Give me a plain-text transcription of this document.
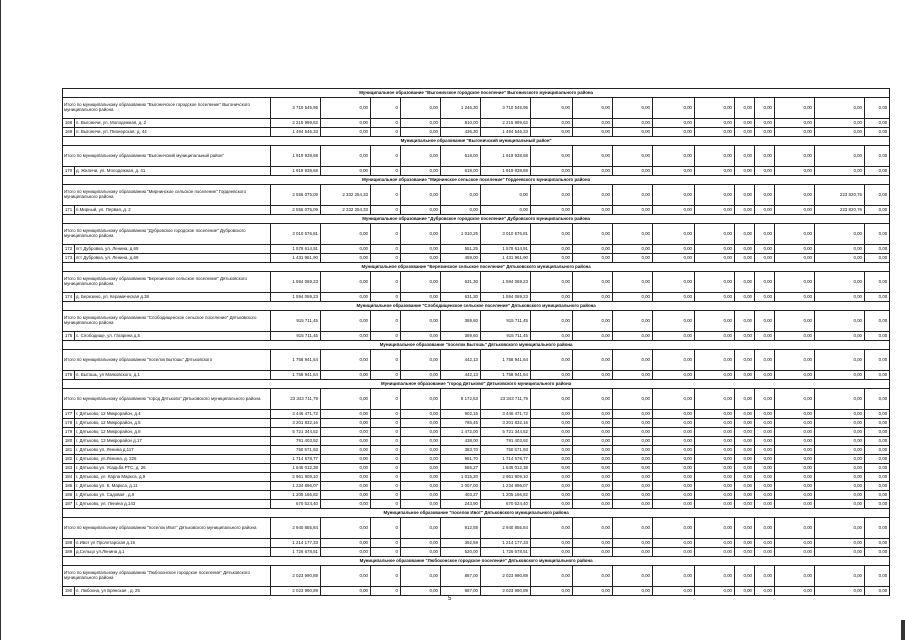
Муниципальное образование "Выгоничское городское поселение" Выгоничского муниципального района																	
Итого по муниципальному образованию "Выгоничское городское поселение" Выгоничского муниципального района		3 710 545,95	0,00	0	0,00	1 246,30	3 710 545,95	0,00	0,00	0,00	0,00	0,00	0,00	0,00	0,00	0,00	0,00
168	п. Выгоничи, ул. Молодежная, д. 2	2 215 999,62	0,00	0	0,00	810,00	2 215 999,62	0,00	0,00	0,00	0,00	0,00	0,00	0,00	0,00	0,00	0,00
169	п. Выгоничи, ул. Пионерская, д. 44	1 494 546,33	0,00	0	0,00	436,30	1 494 546,33	0,00	0,00	0,00	0,00	0,00	0,00	0,00	0,00	0,00	0,00
Муниципальное образование "Выгоничский муниципальный район"																	
Итого по муниципальному образованию "Выгоничский муниципальный район"		1 919 938,68	0,00	0	0,00	618,00	1 919 938,68	0,00	0,00	0,00	0,00	0,00	0,00	0,00	0,00	0,00	0,00
170	д. Жиличи, ул. Молодежная, д. 41	1 919 938,68	0,00	0	0,00	618,00	1 919 938,68	0,00	0,00	0,00	0,00	0,00	0,00	0,00	0,00	0,00	0,00
Муниципальное образование "Мирнинское сельское поселение" Гордеевского муниципального района																	
Итого по муниципальному образованию "Мирнинское сельское поселение" Гордеевского муниципального района		2 556 075,09	2 332 254,33	0	0,00	0,00	0,00	0,00	0,00	0,00	0,00	0,00	0,00	0,00	0,00	223 820,76	0,00
171	п.Мирный, ул. Первая, д. 2	2 556 075,09	2 332 254,33	0	0,00	0,00	0,00	0,00	0,00	0,00	0,00	0,00	0,00	0,00	0,00	223 820,76	0,00
Муниципальное образование "Дубровское городское поселение" Дубровского муниципального района																	
Итого по муниципальному образованию "Дубровское городское поселение" Дубровского муниципального района		3 010 576,81	0,00	0	0,00	1 010,25	3 010 576,81	0,00	0,00	0,00	0,00	0,00	0,00	0,00	0,00	0,00	0,00
172	пгт Дубровка, ул. Ленина, д.65	1 578 614,91	0,00	0	0,00	551,25	1 578 614,91	0,00	0,00	0,00	0,00	0,00	0,00	0,00	0,00	0,00	0,00
173	пгт Дубровка, ул. Ленина, д.69	1 431 961,90	0,00	0	0,00	459,00	1 431 961,90	0,00	0,00	0,00	0,00	0,00	0,00	0,00	0,00	0,00	0,00
Муниципальное образование "Березинское сельское поселение" Дятьковского муниципального района																	
Итого по муниципальному образованию "Березинское сельское поселение" Дятьковского муниципального района		1 594 069,23	0,00	0	0,00	631,30	1 594 069,23	0,00	0,00	0,00	0,00	0,00	0,00	0,00	0,00	0,00	0,00
174	д. Березино, ул. Керамическая д.38	1 594 069,23	0,00	0	0,00	631,30	1 594 069,23	0,00	0,00	0,00	0,00	0,00	0,00	0,00	0,00	0,00	0,00
Муниципальное образование "Слободищенское сельское поселение" Дятьковского муниципального района																	
Итого по муниципальному образованию "Слободищенское сельское поселение" Дятьковского муниципального района		915 711,45	0,00	0	0,00	369,60	915 711,45	0,00	0,00	0,00	0,00	0,00	0,00	0,00	0,00	0,00	0,00
175	с. Слободище, ул. Гагарина д.5	915 711,45	0,00	0	0,00	369,60	915 711,45	0,00	0,00	0,00	0,00	0,00	0,00	0,00	0,00	0,00	0,00
Муниципальное образование "поселок Бытошь" Дятьковского муниципального района																	
Итого по муниципальному образованию "поселок Бытошь" Дятьковского		1 758 941,64	0,00	0	0,00	442,13	1 758 941,64	0,00	0,00	0,00	0,00	0,00	0,00	0,00	0,00	0,00	0,00
176	п. Бытошь, ул Маяковского, д.1	1 758 941,64	0,00	0	0,00	442,13	1 758 941,64	0,00	0,00	0,00	0,00	0,00	0,00	0,00	0,00	0,00	0,00
Муниципальное образование "город Дятьково" Дятьковского муниципального района																	
Итого по муниципальному образованию "город Дятьково" Дятьковского муниципального района		23 343 711,79	0,00	0	0,00	8 172,63	23 343 711,79	0,00	0,00	0,00	0,00	0,00	0,00	0,00	0,00	0,00	0,00
177	г. Дятьково, 12 Микрорайон, д.4	3 446 471,72	0,00	0	0,00	902,16	3 446 471,72	0,00	0,00	0,00	0,00	0,00	0,00	0,00	0,00	0,00	0,00
178	г. Дятьково, 12 Микрорайон, д.5	3 201 832,16	0,00	0	0,00	785,45	3 201 832,16	0,00	0,00	0,00	0,00	0,00	0,00	0,00	0,00	0,00	0,00
179	г. Дятьково, 12 Микрорайон, д.8	5 721 344,52	0,00	0	0,00	1 472,00	5 721 344,52	0,00	0,00	0,00	0,00	0,00	0,00	0,00	0,00	0,00	0,00
180	г. Дятьково, 13 Микрорайон д.17	791 403,92	0,00	0	0,00	438,00	791 403,92	0,00	0,00	0,00	0,00	0,00	0,00	0,00	0,00	0,00	0,00
181	г. Дятьково ул. Ленина д.117	750 571,93	0,00	0	0,00	383,70	750 571,93	0,00	0,00	0,00	0,00	0,00	0,00	0,00	0,00	0,00	0,00
182	г. Дятьково, ул.Ленина, д. 226	1 714 578,77	0,00	0	0,00	961,70	1 714 578,77	0,00	0,00	0,00	0,00	0,00	0,00	0,00	0,00	0,00	0,00
183	г. Дятьково ул. Усадьба РТС, д. 26	1 645 012,38	0,00	0	0,00	565,27	1 645 012,38	0,00	0,00	0,00	0,00	0,00	0,00	0,00	0,00	0,00	0,00
184	г. Дятьково, ул. Карла Маркса, д.9	2 961 909,10	0,00	0	0,00	1 015,20	2 961 909,10	0,00	0,00	0,00	0,00	0,00	0,00	0,00	0,00	0,00	0,00
185	г. Дятьково ул. К. Маркса, д.11	1 234 896,07	0,00	0	0,00	1 007,00	1 234 896,07	0,00	0,00	0,00	0,00	0,00	0,00	0,00	0,00	0,00	0,00
186	г. Дятьково ул. Садовая , д.9	1 205 166,82	0,00	0	0,00	403,27	1 205 166,82	0,00	0,00	0,00	0,00	0,00	0,00	0,00	0,00	0,00	0,00
187	г. Дятьково, ул. Ленина д.143	670 524,40	0,00	0	0,00	243,90	670 524,40	0,00	0,00	0,00	0,00	0,00	0,00	0,00	0,00	0,00	0,00
Муниципальное образование "поселок Ивот" Дятьковского муниципального района																	
Итого по муниципальному образованию "поселок Ивот" Дятьковского муниципального района		2 940 855,84	0,00	0	0,00	912,59	2 940 855,84	0,00	0,00	0,00	0,00	0,00	0,00	0,00	0,00	0,00	0,00
188	п.Ивот ул Пролетарская д.16	1 214 177,33	0,00	0	0,00	392,59	1 214 177,33	0,00	0,00	0,00	0,00	0,00	0,00	0,00	0,00	0,00	0,00
189	д.Сельцо ул.Ленина д.1	1 726 678,51	0,00	0	0,00	520,00	1 726 678,51	0,00	0,00	0,00	0,00	0,00	0,00	0,00	0,00	0,00	0,00
Муниципальное образование "Любохонское городское поселение" Дятьковского муниципального района																	
Итого по муниципальному образованию "Любохонское городское поселение" Дятьковского муниципального района		2 023 990,89	0,00	0	0,00	887,00	2 023 990,89	0,00	0,00	0,00	0,00	0,00	0,00	0,00	0,00	0,00	0,00
190	п. Любохна, ул Брянская , д. 25	2 023 990,89	0,00	0	0,00	887,00	2 023 990,89	0,00	0,00	0,00	0,00	0,00	0,00	0,00	0,00	0,00	0,00
5
